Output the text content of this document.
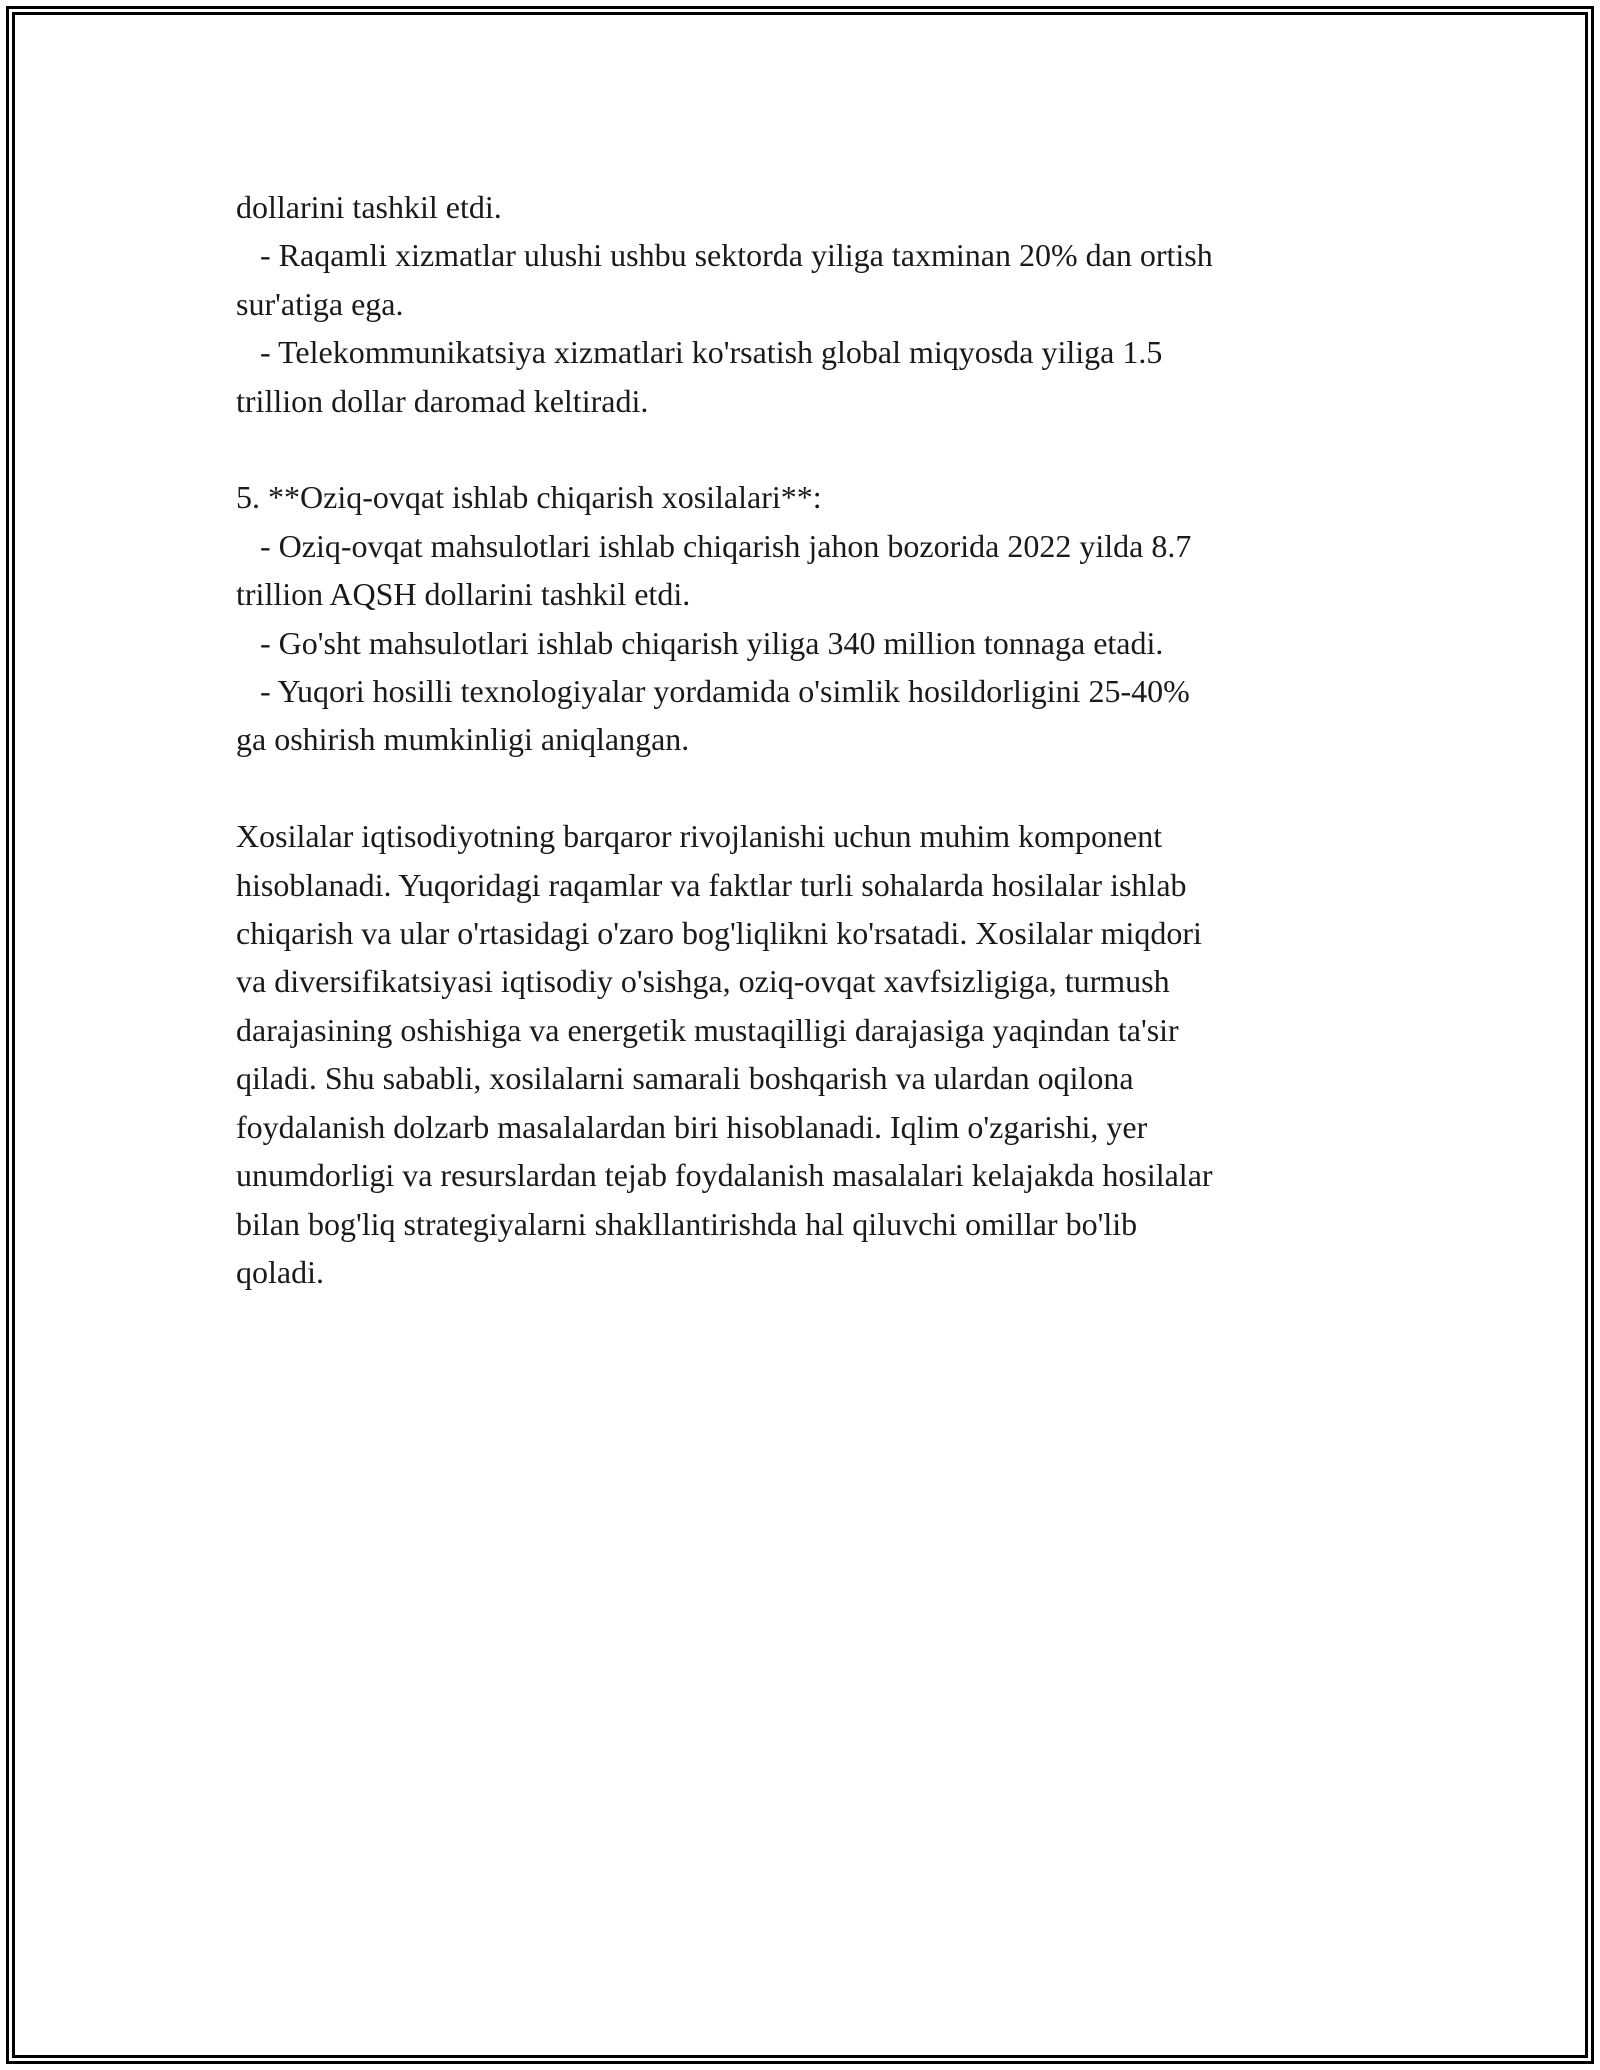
dollarini tashkil etdi.

- Raqamli xizmatlar ulushi ushbu sektorda yiliga taxminan 20% dan ortish

sur'atiga ega.

- Telekommunikatsiya xizmatlari ko'rsatish global miqyosda yiliga 1.5

trillion dollar daromad keltiradi.

5. **Oziq-ovqat ishlab chiqarish xosilalari**:

- Oziq-ovqat mahsulotlari ishlab chiqarish jahon bozorida 2022 yilda 8.7

trillion AQSH dollarini tashkil etdi.

- Go'sht mahsulotlari ishlab chiqarish yiliga 340 million tonnaga etadi.

- Yuqori hosilli texnologiyalar yordamida o'simlik hosildorligini 25-40%

ga oshirish mumkinligi aniqlangan.

Xosilalar iqtisodiyotning barqaror rivojlanishi uchun muhim komponent

hisoblanadi. Yuqoridagi raqamlar va faktlar turli sohalarda hosilalar ishlab

chiqarish va ular o'rtasidagi o'zaro bog'liqlikni ko'rsatadi. Xosilalar miqdori

va diversifikatsiyasi iqtisodiy o'sishga, oziq-ovqat xavfsizligiga, turmush

darajasining oshishiga va energetik mustaqilligi darajasiga yaqindan ta'sir

qiladi. Shu sababli, xosilalarni samarali boshqarish va ulardan oqilona

foydalanish dolzarb masalalardan biri hisoblanadi. Iqlim o'zgarishi, yer

unumdorligi va resurslardan tejab foydalanish masalalari kelajakda hosilalar

bilan bog'liq strategiyalarni shakllantirishda hal qiluvchi omillar bo'lib

qoladi.
